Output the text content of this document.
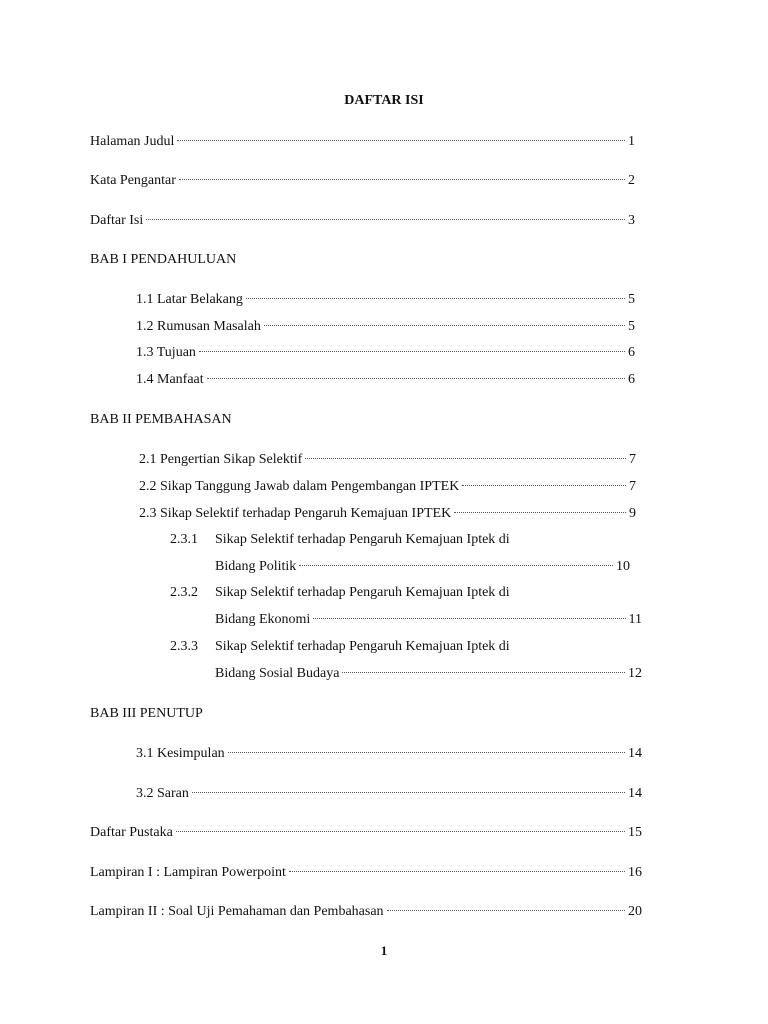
DAFTAR ISI
Halaman Judul	1
Kata Pengantar	2
Daftar Isi	3
BAB I PENDAHULUAN
1.1 Latar Belakang	5
1.2 Rumusan Masalah	5
1.3 Tujuan	6
1.4 Manfaat	6
BAB II PEMBAHASAN
2.1 Pengertian Sikap Selektif	7
2.2 Sikap Tanggung Jawab dalam Pengembangan IPTEK	7
2.3 Sikap Selektif terhadap Pengaruh Kemajuan IPTEK	9
2.3.1 Sikap Selektif terhadap Pengaruh Kemajuan Iptek di
Bidang Politik	10
2.3.2 Sikap Selektif terhadap Pengaruh Kemajuan Iptek di
Bidang Ekonomi	11
2.3.3 Sikap Selektif terhadap Pengaruh Kemajuan Iptek di
Bidang Sosial Budaya	12
BAB III PENUTUP
3.1 Kesimpulan	14
3.2 Saran	14
Daftar Pustaka	15
Lampiran I : Lampiran Powerpoint	16
Lampiran II : Soal Uji Pemahaman dan Pembahasan	20
1
